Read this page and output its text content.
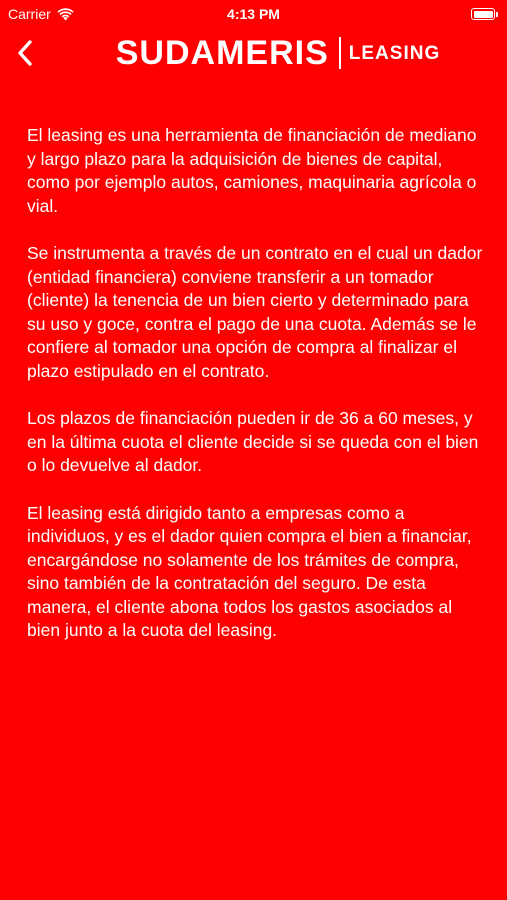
Carrier	4:13 PM
SUDAMERIS LEASING

El leasing es una herramienta de financiación de mediano y largo plazo para la adquisición de bienes de capital, como por ejemplo autos, camiones, maquinaria agrícola o vial.

Se instrumenta a través de un contrato en el cual un dador (entidad financiera) conviene transferir a un tomador (cliente) la tenencia de un bien cierto y determinado para su uso y goce, contra el pago de una cuota. Además se le confiere al tomador una opción de compra al finalizar el plazo estipulado en el contrato.

Los plazos de financiación pueden ir de 36 a 60 meses, y en la última cuota el cliente decide si se queda con el bien o lo devuelve al dador.

El leasing está dirigido tanto a empresas como a individuos, y es el dador quien compra el bien a financiar, encargándose no solamente de los trámites de compra, sino también de la contratación del seguro. De esta manera, el cliente abona todos los gastos asociados al bien junto a la cuota del leasing.
